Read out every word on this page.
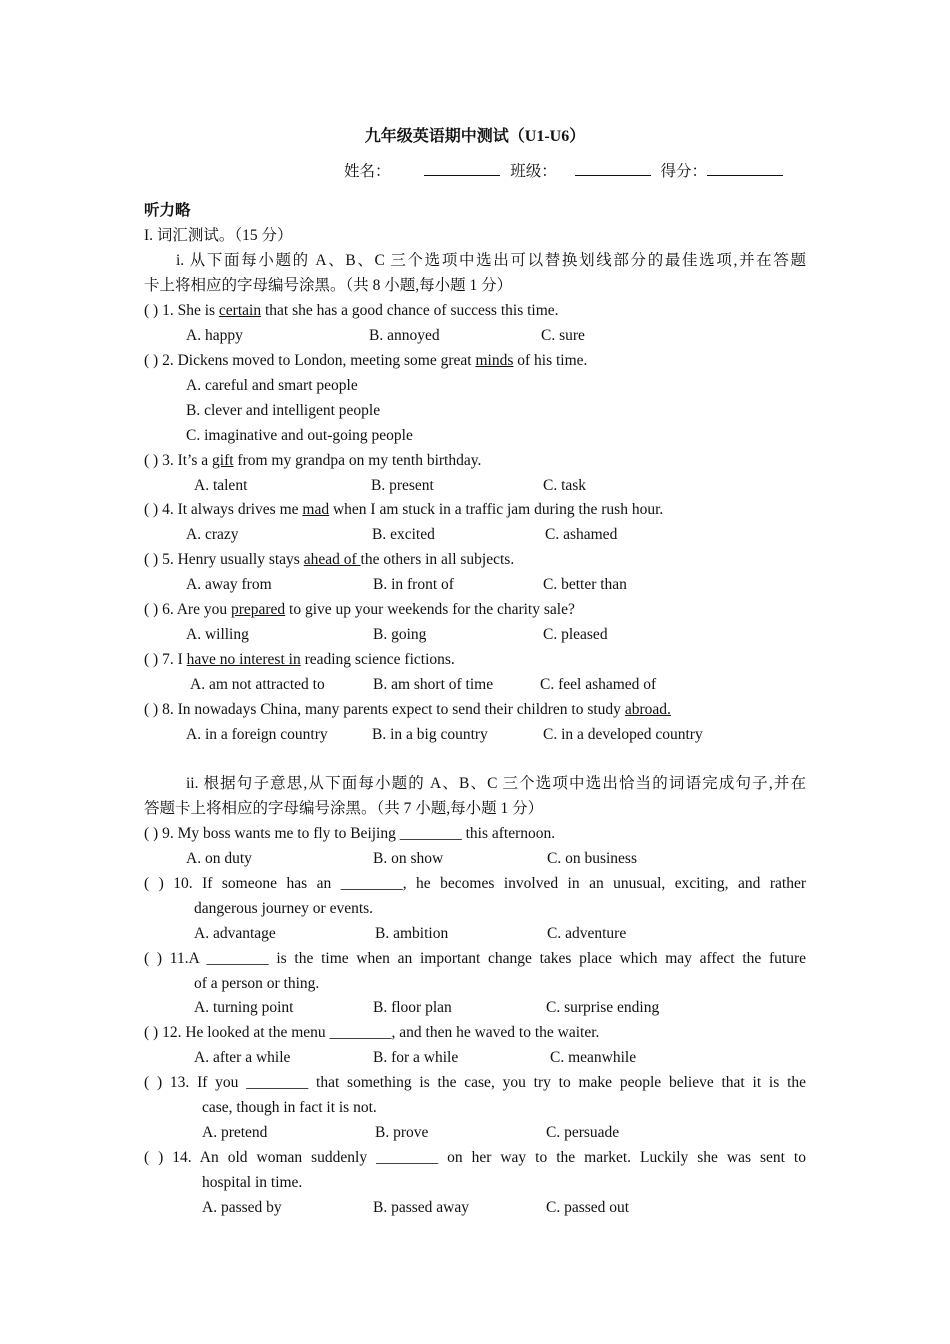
九年级英语期中测试（U1-U6）
姓名：	班级：	得分：
听力略
I. 词汇测试。（15 分）
i. 从下面每小题的 A、B、C 三个选项中选出可以替换划线部分的最佳选项,并在答题
卡上将相应的字母编号涂黑。（共 8 小题,每小题 1 分）
( ) 1. She is certain that she has a good chance of success this time.
A. happy	B. annoyed	C. sure
( ) 2. Dickens moved to London, meeting some great minds of his time.
A. careful and smart people
B. clever and intelligent people
C. imaginative and out-going people
( ) 3. It’s a gift from my grandpa on my tenth birthday.
A. talent	B. present	C. task
( ) 4. It always drives me mad when I am stuck in a traffic jam during the rush hour.
A. crazy	B. excited	C. ashamed
( ) 5. Henry usually stays ahead of the others in all subjects.
A. away from	B. in front of	C. better than
( ) 6. Are you prepared to give up your weekends for the charity sale?
A. willing	B. going	C. pleased
( ) 7. I have no interest in reading science fictions.
A. am not attracted to	B. am short of time	C. feel ashamed of
( ) 8. In nowadays China, many parents expect to send their children to study abroad.
A. in a foreign country	B. in a big country	C. in a developed country
ii. 根据句子意思,从下面每小题的 A、B、C 三个选项中选出恰当的词语完成句子,并在
答题卡上将相应的字母编号涂黑。（共 7 小题,每小题 1 分）
( ) 9. My boss wants me to fly to Beijing ________ this afternoon.
A. on duty	B. on show	C. on business
( ) 10. If someone has an ________, he becomes involved in an unusual, exciting, and rather
dangerous journey or events.
A. advantage	B. ambition	C. adventure
( ) 11.A ________ is the time when an important change takes place which may affect the future
of a person or thing.
A. turning point	B. floor plan	C. surprise ending
( ) 12. He looked at the menu ________, and then he waved to the waiter.
A. after a while	B. for a while	C. meanwhile
( ) 13. If you ________ that something is the case, you try to make people believe that it is the
case, though in fact it is not.
A. pretend	B. prove	C. persuade
( ) 14. An old woman suddenly ________ on her way to the market. Luckily she was sent to
hospital in time.
A. passed by	B. passed away	C. passed out
